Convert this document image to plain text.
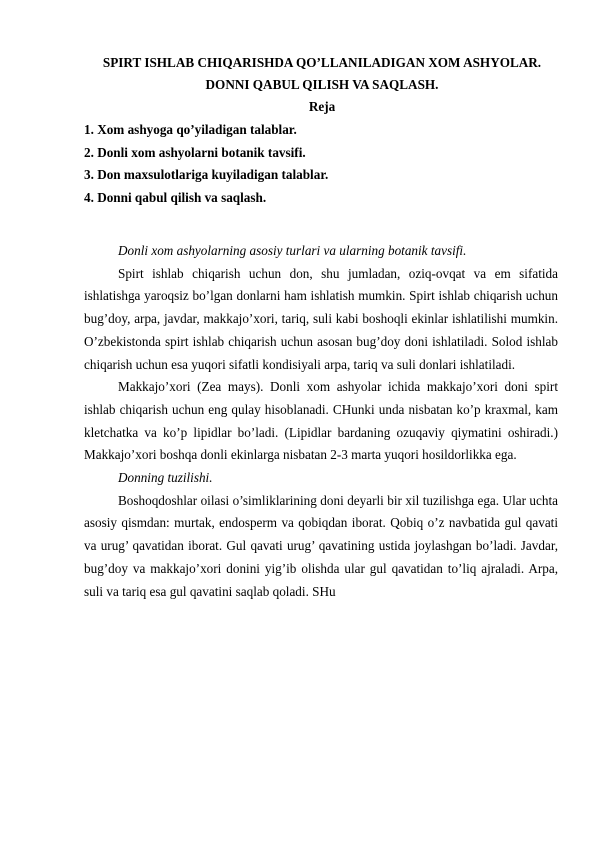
SPIRT ISHLAB CHIQARISHDA QO’LLANILADIGAN XOM ASHYOLAR.

DONNI QABUL QILISH VA SAQLASH.

Reja

1. Xom ashyoga qo’yiladigan talablar.
2. Donli xom ashyolarni botanik tavsifi.
3. Don maxsulotlariga kuyiladigan talablar.
4. Donni qabul qilish va saqlash.

Donli xom ashyolarning asosiy turlari va ularning botanik tavsifi.

Spirt ishlab chiqarish uchun don, shu jumladan, oziq-ovqat va em sifatida ishlatishga yaroqsiz bo’lgan donlarni ham ishlatish mumkin. Spirt ishlab chiqarish uchun bug’doy, arpa, javdar, makkajo’xori, tariq, suli kabi boshoqli ekinlar ishlatilishi mumkin. O’zbekistonda spirt ishlab chiqarish uchun asosan bug’doy doni ishlatiladi. Solod ishlab chiqarish uchun esa yuqori sifatli kondisiyali arpa, tariq va suli donlari ishlatiladi.

Makkajo’xori (Zea mays). Donli xom ashyolar ichida makkajo’xori doni spirt ishlab chiqarish uchun eng qulay hisoblanadi. CHunki unda nisbatan ko’p kraxmal, kam kletchatka va ko’p lipidlar bo’ladi. (Lipidlar bardaning ozuqaviy qiymatini oshiradi.) Makkajo’xori boshqa donli ekinlarga nisbatan 2-3 marta yuqori hosildorlikka ega.

Donning tuzilishi.

Boshoqdoshlar oilasi o’simliklarining doni deyarli bir xil tuzilishga ega. Ular uchta asosiy qismdan: murtak, endosperm va qobiqdan iborat. Qobiq o’z navbatida gul qavati va urug’ qavatidan iborat. Gul qavati urug’ qavatining ustida joylashgan bo’ladi. Javdar, bug’doy va makkajo’xori donini yig’ib olishda ular gul qavatidan to’liq ajraladi. Arpa, suli va tariq esa gul qavatini saqlab qoladi. SHu
